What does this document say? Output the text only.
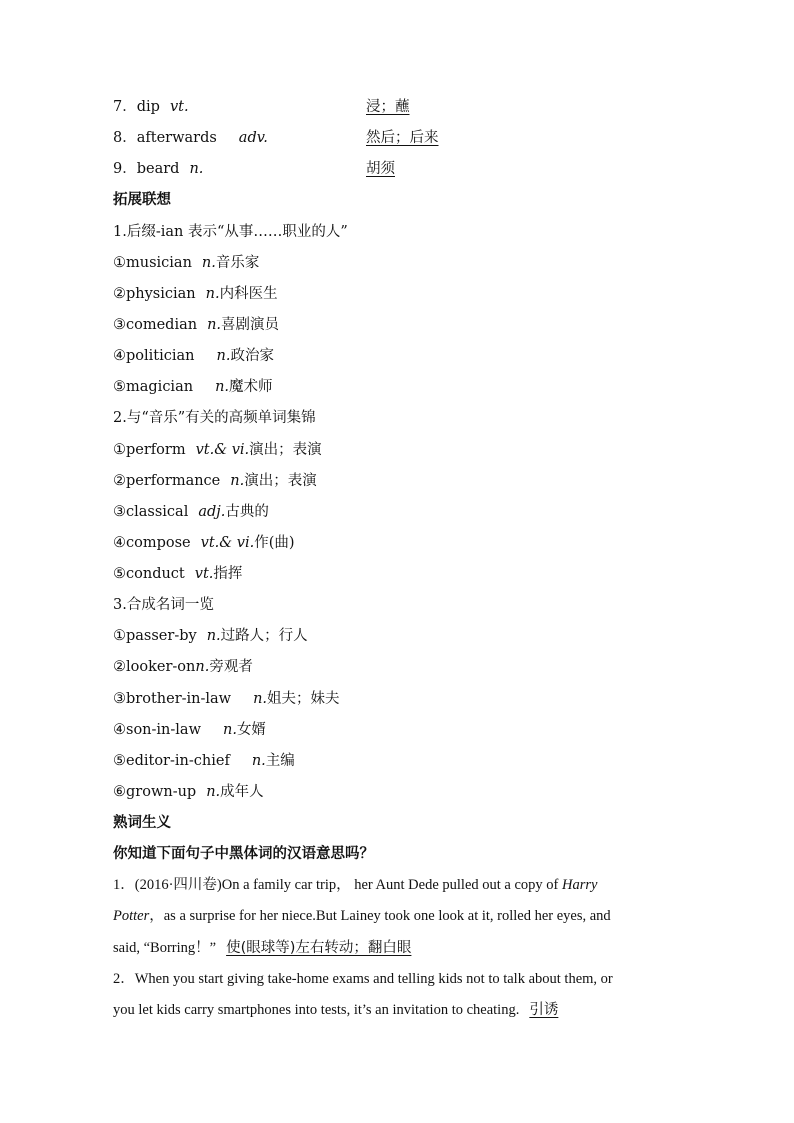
7．dip vt.	浸；蘸
8．afterwards adv.	然后；后来
9．beard n.	胡须
拓展联想
1.后缀-ian 表示“从事……职业的人”
①musician n.音乐家
②physician n.内科医生
③comedian n.喜剧演员
④politician n.政治家
⑤magician n.魔术师
2.与“音乐”有关的高频单词集锦
①perform vt.& vi.演出；表演
②performance n.演出；表演
③classical adj.古典的
④compose vt.& vi.作(曲)
⑤conduct vt.指挥
3.合成名词一览
①passer-by n.过路人；行人
②looker-onn.旁观者
③brother-in-law n.姐夫；妹夫
④son-in-law n.女婿
⑤editor-in-chief n.主编
⑥grown-up n.成年人
熟词生义
你知道下面句子中黑体词的汉语意思吗？
1．(2016·四川卷)On a family car trip， her Aunt Dede pulled out a copy of Harry
Potter，as a surprise for her niece.But Lainey took one look at it, rolled her eyes, and
said, “Borring！” 使(眼球等)左右转动；翻白眼
2．When you start giving take-home exams and telling kids not to talk about them, or
you let kids carry smartphones into tests, it’s an invitation to cheating. 引诱
